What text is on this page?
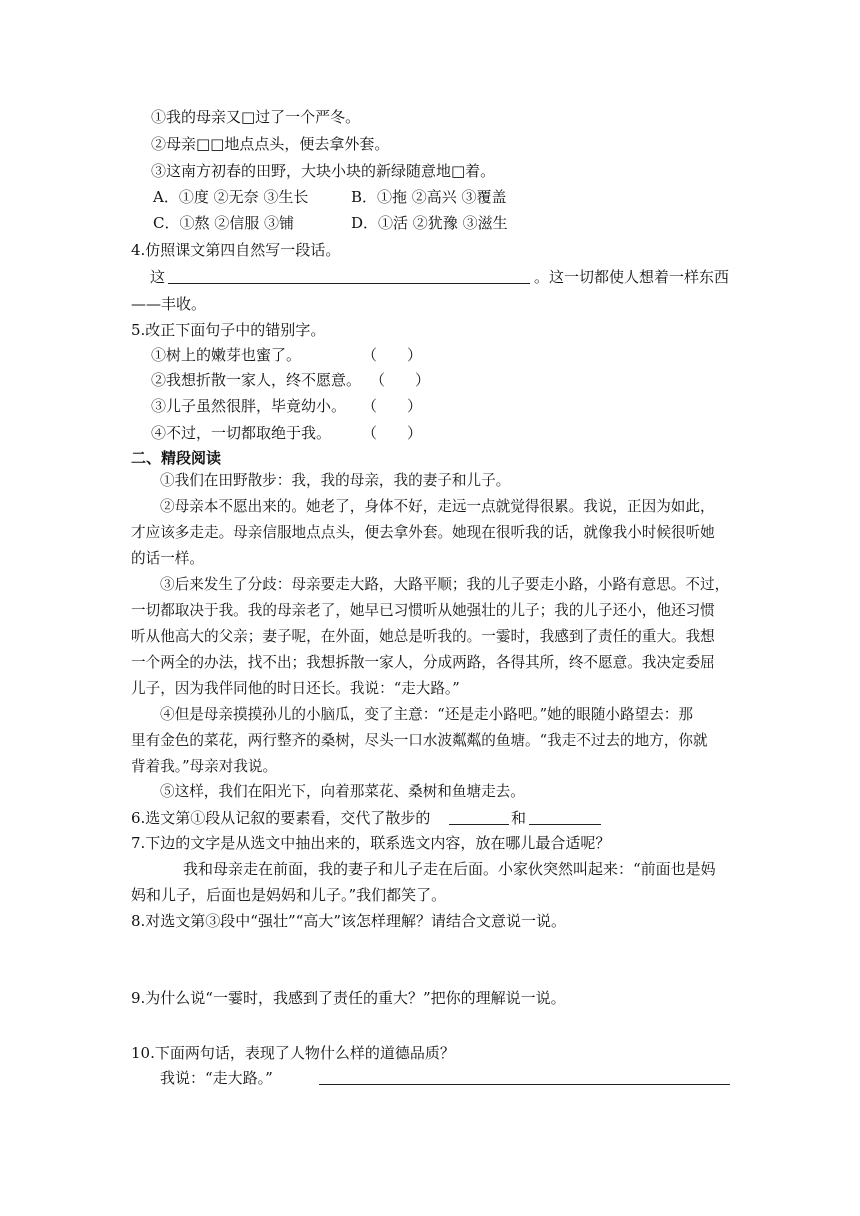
①我的母亲又□过了一个严冬。
②母亲□□地点点头，便去拿外套。
③这南方初春的田野，大块小块的新绿随意地□着。
A．①度 ②无奈 ③生长	B．①拖 ②高兴 ③覆盖
C．①熬 ②信服 ③铺	D．①活 ②犹豫 ③滋生
4.仿照课文第四自然写一段话。
这	。这一切都使人想着一样东西
——丰收。
5.改正下面句子中的错别字。
①树上的嫩芽也蜜了。	（　　）
②我想折散一家人，终不愿意。 （　　）
③儿子虽然很胖，毕竟幼小。 （　　）
④不过，一切都取绝于我。 （　　）
二、精段阅读
①我们在田野散步：我，我的母亲，我的妻子和儿子。
②母亲本不愿出来的。她老了，身体不好，走远一点就觉得很累。我说，正因为如此，
才应该多走走。母亲信服地点点头，便去拿外套。她现在很听我的话，就像我小时候很听她
的话一样。
③后来发生了分歧：母亲要走大路，大路平顺；我的儿子要走小路，小路有意思。不过，
一切都取决于我。我的母亲老了，她早已习惯听从她强壮的儿子；我的儿子还小，他还习惯
听从他高大的父亲；妻子呢，在外面，她总是听我的。一霎时，我感到了责任的重大。我想
一个两全的办法，找不出；我想拆散一家人，分成两路，各得其所，终不愿意。我决定委屈
儿子，因为我伴同他的时日还长。我说：“走大路。”
④但是母亲摸摸孙儿的小脑瓜，变了主意：“还是走小路吧。”她的眼随小路望去：那
里有金色的菜花，两行整齐的桑树，尽头一口水波粼粼的鱼塘。“我走不过去的地方，你就
背着我。”母亲对我说。
⑤这样，我们在阳光下，向着那菜花、桑树和鱼塘走去。
6.选文第①段从记叙的要素看，交代了散步的	和
7.下边的文字是从选文中抽出来的，联系选文内容，放在哪儿最合适呢？
我和母亲走在前面，我的妻子和儿子走在后面。小家伙突然叫起来：“前面也是妈
妈和儿子，后面也是妈妈和儿子。”我们都笑了。
8.对选文第③段中“强壮”“高大”该怎样理解？请结合文意说一说。
9.为什么说“一霎时，我感到了责任的重大？”把你的理解说一说。
10.下面两句话，表现了人物什么样的道德品质？
我说：“走大路。”
